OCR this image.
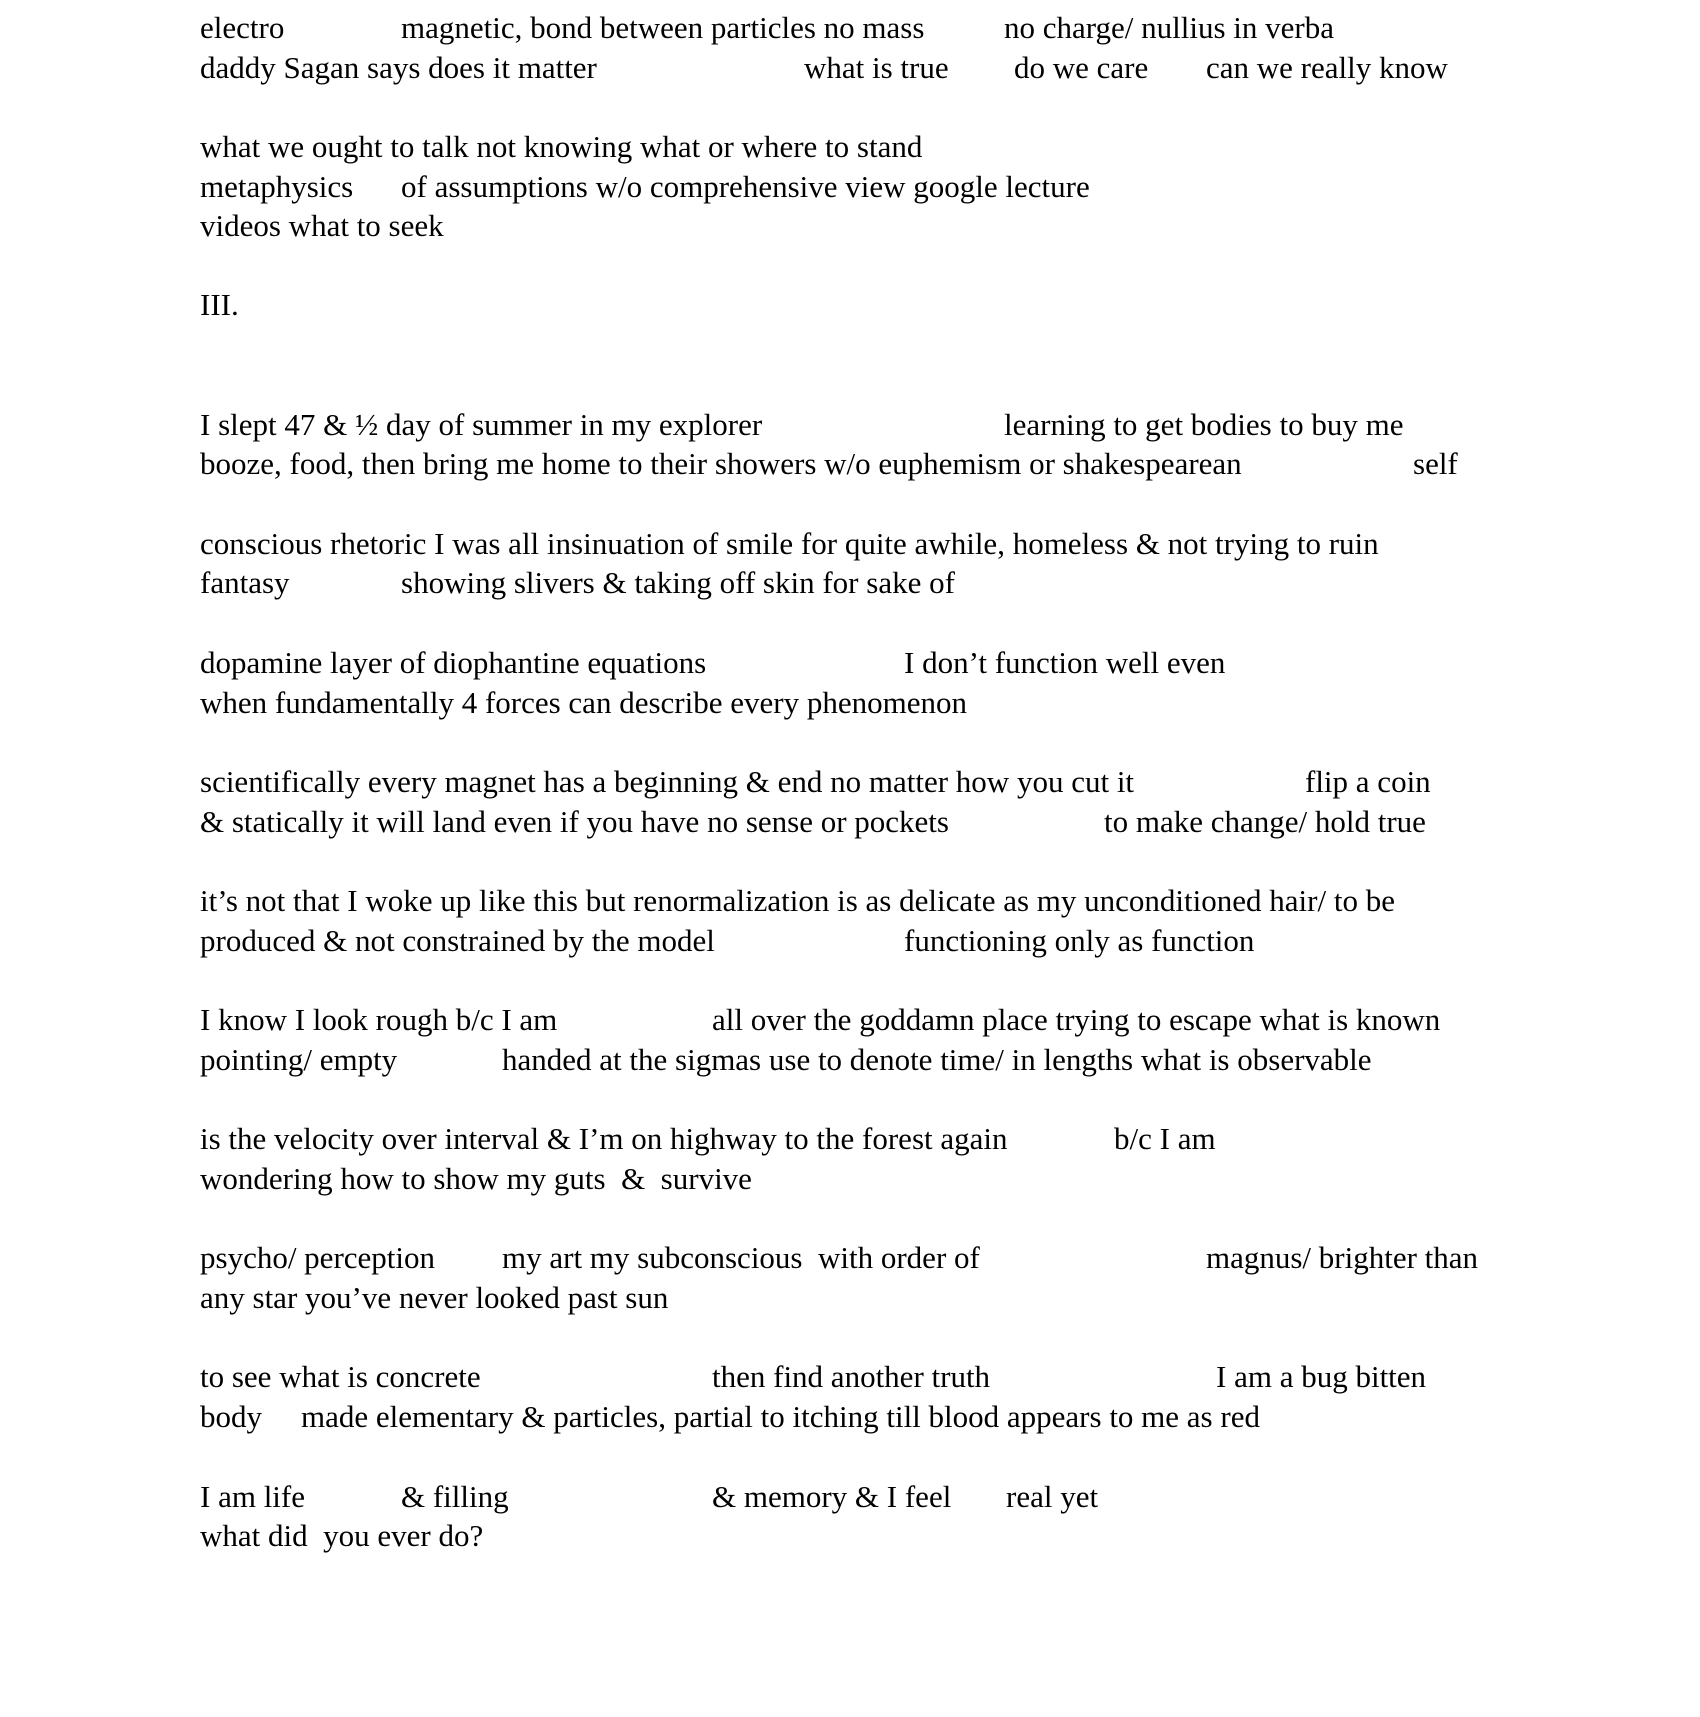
electro

	magnetic, bond between particles no mass

	no charge/ nullius in verba

daddy Sagan says does it matter

	what is true

do we care

can we really know

what we ought to talk not knowing what or where to stand

metaphysics

of assumptions w/o comprehensive view google lecture

videos what to seek

III.

I slept 47 & ½ day of summer in my explorer

	learning to get bodies to buy me

booze, food, then bring me home to their showers w/o euphemism or shakespearean

	self

conscious rhetoric I was all insinuation of smile for quite awhile, homeless & not trying to ruin

fantasy

	showing slivers & taking off skin for sake of

dopamine layer of diophantine equations

	I don’t function well even

when fundamentally 4 forces can describe every phenomenon

scientifically every magnet has a beginning & end no matter how you cut it

	flip a coin

& statically it will land even if you have no sense or pockets

	to make change/ hold true

it’s not that I woke up like this but renormalization is as delicate as my unconditioned hair/ to be

produced & not constrained by the model

	functioning only as function

I know I look rough b/c I am

	all over the goddamn place trying to escape what is known

pointing/ empty

	handed at the sigmas use to denote time/ in lengths what is observable

is the velocity over interval & I’m on highway to the forest again

	b/c I am

wondering how to show my guts  &  survive

psycho/ perception

my art my subconscious  with order of

	magnus/ brighter than

any star you’ve never looked past sun

to see what is concrete

	then find another truth

	I am a bug bitten

body

made elementary & particles, partial to itching till blood appears to me as red

I am life

	& filling

	& memory & I feel

real yet

what did  you ever do?
